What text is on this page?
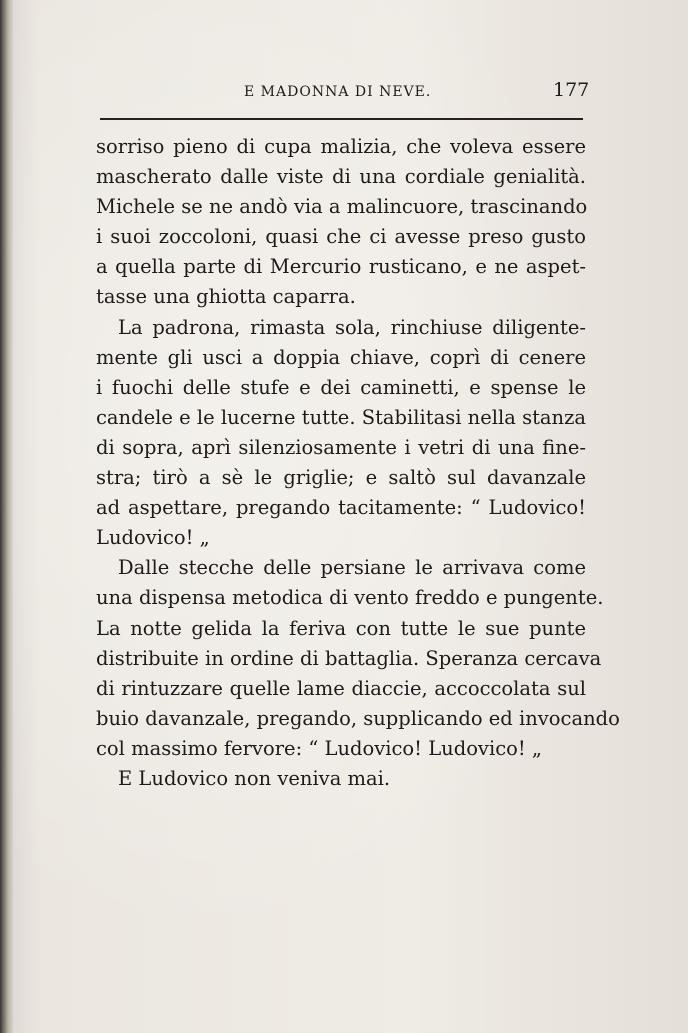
E MADONNA DI NEVE.	177
sorriso pieno di cupa malizia, che voleva essere
mascherato dalle viste di una cordiale genialità.
Michele se ne andò via a malincuore, trascinando
i suoi zoccoloni, quasi che ci avesse preso gusto
a quella parte di Mercurio rusticano, e ne aspet-
tasse una ghiotta caparra.
La padrona, rimasta sola, rinchiuse diligente-
mente gli usci a doppia chiave, coprì di cenere
i fuochi delle stufe e dei caminetti, e spense le
candele e le lucerne tutte. Stabilitasi nella stanza
di sopra, aprì silenziosamente i vetri di una fine-
stra; tirò a sè le griglie; e saltò sul davanzale
ad aspettare, pregando tacitamente: “ Ludovico!
Ludovico! „
Dalle stecche delle persiane le arrivava come
una dispensa metodica di vento freddo e pungente.
La notte gelida la feriva con tutte le sue punte
distribuite in ordine di battaglia. Speranza cercava
di rintuzzare quelle lame diaccie, accoccolata sul
buio davanzale, pregando, supplicando ed invocando
col massimo fervore: “ Ludovico! Ludovico! „
E Ludovico non veniva mai.
